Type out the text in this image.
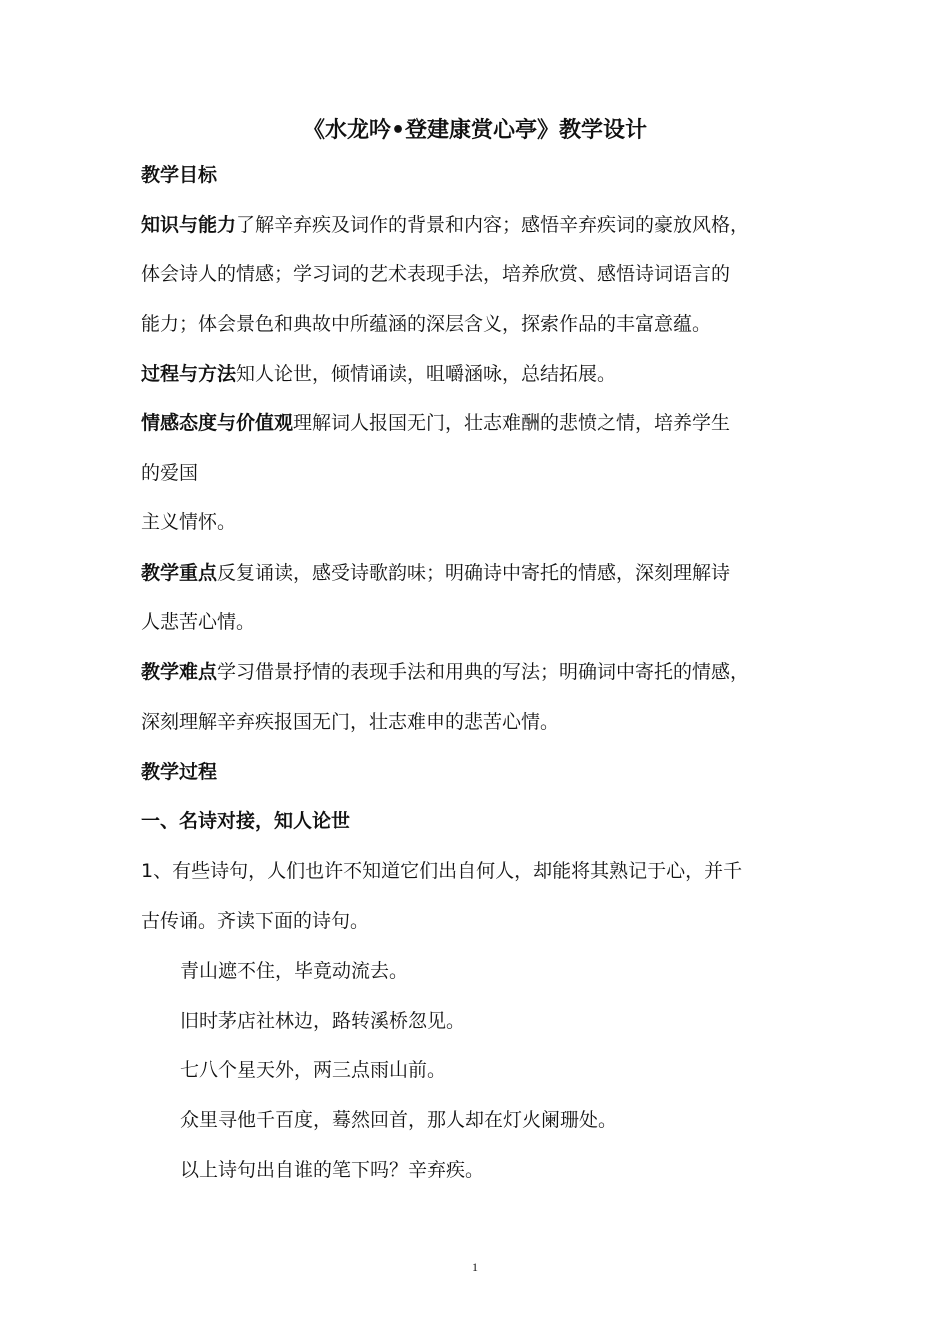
《水龙吟•登建康赏心亭》教学设计
教学目标
知识与能力了解辛弃疾及词作的背景和内容；感悟辛弃疾词的豪放风格，
体会诗人的情感；学习词的艺术表现手法，培养欣赏、感悟诗词语言的
能力；体会景色和典故中所蕴涵的深层含义，探索作品的丰富意蕴。
过程与方法知人论世，倾情诵读，咀嚼涵咏，总结拓展。
情感态度与价值观理解词人报国无门，壮志难酬的悲愤之情，培养学生
的爱国
主义情怀。
教学重点反复诵读，感受诗歌韵味；明确诗中寄托的情感，深刻理解诗
人悲苦心情。
教学难点学习借景抒情的表现手法和用典的写法；明确词中寄托的情感，
深刻理解辛弃疾报国无门，壮志难申的悲苦心情。
教学过程
一、名诗对接，知人论世
1、有些诗句，人们也许不知道它们出自何人，却能将其熟记于心，并千
古传诵。齐读下面的诗句。
青山遮不住，毕竟动流去。
旧时茅店社林边，路转溪桥忽见。
七八个星天外，两三点雨山前。
众里寻他千百度，蓦然回首，那人却在灯火阑珊处。
以上诗句出自谁的笔下吗？辛弃疾。
1
